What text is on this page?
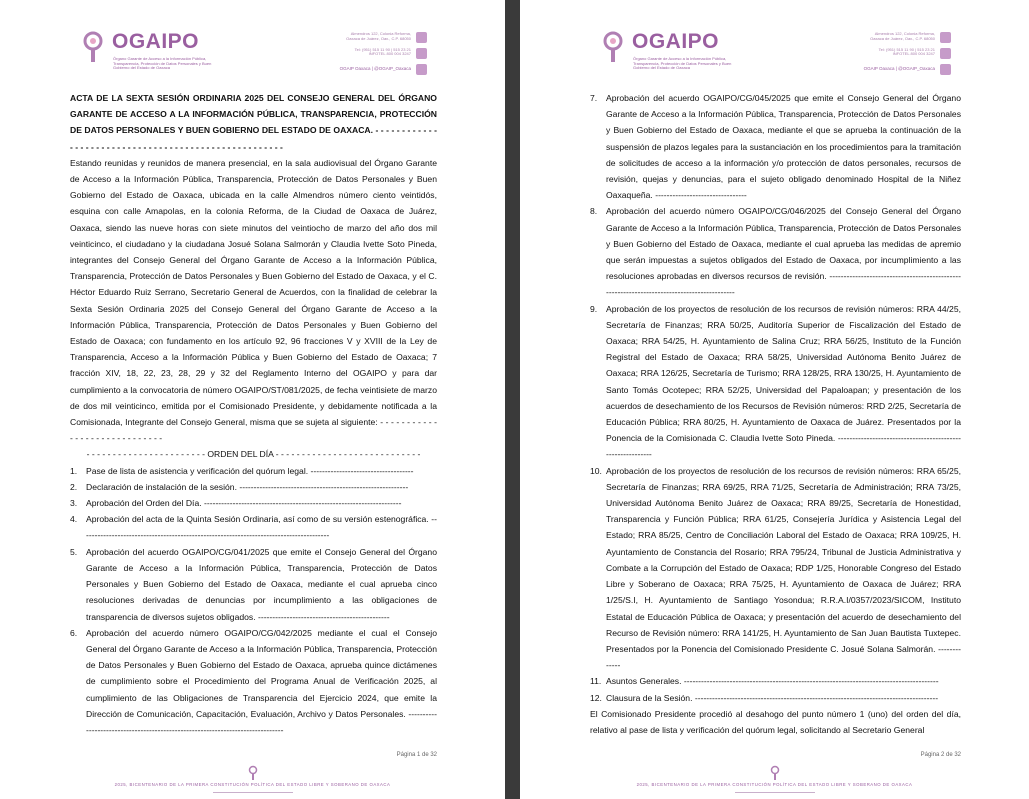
OGAIPO
Órgano Garante de Acceso a la Información Pública, Transparencia, Protección de Datos Personales y Buen Gobierno del Estado de Oaxaca
Almendros 122, Colonia Reforma,
Oaxaca de Juárez, Oax., C.P. 68050
Tel: (951) 515 11 90 | 515 23 21
INFOTEL 800 004 3247
OGAIP Oaxaca | @OGAIP_Oaxaca

ACTA DE LA SEXTA SESIÓN ORDINARIA 2025 DEL CONSEJO GENERAL DEL ÓRGANO GARANTE DE ACCESO A LA INFORMACIÓN PÚBLICA, TRANSPARENCIA, PROTECCIÓN DE DATOS PERSONALES Y BUEN GOBIERNO DEL ESTADO DE OAXACA. - - - - - - - - - - - - - - - - - - - - - - - - - - - - - - - - - - - - - - - - - - - - - - - - - - - - -

Estando reunidas y reunidos de manera presencial, en la sala audiovisual del Órgano Garante de Acceso a la Información Pública, Transparencia, Protección de Datos Personales y Buen Gobierno del Estado de Oaxaca, ubicada en la calle Almendros número ciento veintidós, esquina con calle Amapolas, en la colonia Reforma, de la Ciudad de Oaxaca de Juárez, Oaxaca, siendo las nueve horas con siete minutos del veintiocho de marzo del año dos mil veinticinco, el ciudadano y la ciudadana Josué Solana Salmorán y Claudia Ivette Soto Pineda, integrantes del Consejo General del Órgano Garante de Acceso a la Información Pública, Transparencia, Protección de Datos Personales y Buen Gobierno del Estado de Oaxaca, y el C. Héctor Eduardo Ruiz Serrano, Secretario General de Acuerdos, con la finalidad de celebrar la Sexta Sesión Ordinaria 2025 del Consejo General del Órgano Garante de Acceso a la Información Pública, Transparencia, Protección de Datos Personales y Buen Gobierno del Estado de Oaxaca; con fundamento en los artículo 92, 96 fracciones V y XVIII de la Ley de Transparencia, Acceso a la Información Pública y Buen Gobierno del Estado de Oaxaca; 7 fracción XIV, 18, 22, 23, 28, 29 y 32 del Reglamento Interno del OGAIPO y para dar cumplimiento a la convocatoria de número OGAIPO/ST/081/2025, de fecha veintisiete de marzo de dos mil veinticinco, emitida por el Comisionado Presidente, y debidamente notificada a la Comisionada, Integrante del Consejo General, misma que se sujeta al siguiente: - - - - - - - - - - - - - - - - - - - - - - - - - - - - -

- - - - - - - - - - - - - - - - - - - - - - - ORDEN DEL DÍA - - - - - - - - - - - - - - - - - - - - - - - - - - - -

1. Pase de lista de asistencia y verificación del quórum legal. ------------------------------------
2. Declaración de instalación de la sesión. -----------------------------------------------------------
3. Aprobación del Orden del Día. ---------------------------------------------------------------------
4. Aprobación del acta de la Quinta Sesión Ordinaria, así como de su versión estenográfica. ---------------------------------------------------------------------------------------
5. Aprobación del acuerdo OGAIPO/CG/041/2025 que emite el Consejo General del Órgano Garante de Acceso a la Información Pública, Transparencia, Protección de Datos Personales y Buen Gobierno del Estado de Oaxaca, mediante el cual aprueba cinco resoluciones derivadas de denuncias por incumplimiento a las obligaciones de transparencia de diversos sujetos obligados. ----------------------------------------------
6. Aprobación del acuerdo número OGAIPO/CG/042/2025 mediante el cual el Consejo General del Órgano Garante de Acceso a la Información Pública, Transparencia, Protección de Datos Personales y Buen Gobierno del Estado de Oaxaca, aprueba quince dictámenes de cumplimiento sobre el Procedimiento del Programa Anual de Verificación 2025, al cumplimiento de las Obligaciones de Transparencia del Ejercicio 2024, que emite la Dirección de Comunicación, Capacitación, Evaluación, Archivo y Datos Personales. -------------------------------------------------------------------------------
Página 1 de 32
2025, BICENTENARIO DE LA PRIMERA CONSTITUCIÓN POLÍTICA DEL ESTADO LIBRE Y SOBERANO DE OAXACA
OGAIPO
Órgano Garante de Acceso a la Información Pública, Transparencia, Protección de Datos Personales y Buen Gobierno del Estado de Oaxaca
Almendros 122, Colonia Reforma,
Oaxaca de Juárez, Oax., C.P. 68050
Tel: (951) 515 11 90 | 515 23 21
INFOTEL 800 004 3247
OGAIP Oaxaca | @OGAIP_Oaxaca
7. Aprobación del acuerdo OGAIPO/CG/045/2025 que emite el Consejo General del Órgano Garante de Acceso a la Información Pública, Transparencia, Protección de Datos Personales y Buen Gobierno del Estado de Oaxaca, mediante el que se aprueba la continuación de la suspensión de plazos legales para la sustanciación en los procedimientos para la tramitación de solicitudes de acceso a la información y/o protección de datos personales, recursos de revisión, quejas y denuncias, para el sujeto obligado denominado Hospital de la Niñez Oaxaqueña. --------------------------------
8. Aprobación del acuerdo número OGAIPO/CG/046/2025 del Consejo General del Órgano Garante de Acceso a la Información Pública, Transparencia, Protección de Datos Personales y Buen Gobierno del Estado de Oaxaca, mediante el cual aprueba las medidas de apremio que serán impuestas a sujetos obligados del Estado de Oaxaca, por incumplimiento a las resoluciones aprobadas en diversos recursos de revisión. -------------------------------------------------------------------------------------------
9. Aprobación de los proyectos de resolución de los recursos de revisión números: RRA 44/25, Secretaría de Finanzas; RRA 50/25, Auditoría Superior de Fiscalización del Estado de Oaxaca; RRA 54/25, H. Ayuntamiento de Salina Cruz; RRA 56/25, Instituto de la Función Registral del Estado de Oaxaca; RRA 58/25, Universidad Autónoma Benito Juárez de Oaxaca; RRA 126/25, Secretaría de Turismo; RRA 128/25, RRA 130/25, H. Ayuntamiento de Santo Tomás Ocotepec; RRA 52/25, Universidad del Papaloapan; y presentación de los acuerdos de desechamiento de los Recursos de Revisión números: RRD 2/25, Secretaría de Educación Pública; RRA 80/25, H. Ayuntamiento de Oaxaca de Juárez. Presentados por la Ponencia de la Comisionada C. Claudia Ivette Soto Pineda. -----------------------------------------------------------
10. Aprobación de los proyectos de resolución de los recursos de revisión números: RRA 65/25, Secretaría de Finanzas; RRA 69/25, RRA 71/25, Secretaría de Administración; RRA 73/25, Universidad Autónoma Benito Juárez de Oaxaca; RRA 89/25, Secretaría de Honestidad, Transparencia y Función Pública; RRA 61/25, Consejería Jurídica y Asistencia Legal del Estado; RRA 85/25, Centro de Conciliación Laboral del Estado de Oaxaca; RRA 109/25, H. Ayuntamiento de Constancia del Rosario; RRA 795/24, Tribunal de Justicia Administrativa y Combate a la Corrupción del Estado de Oaxaca; RDP 1/25, Honorable Congreso del Estado Libre y Soberano de Oaxaca; RRA 75/25, H. Ayuntamiento de Oaxaca de Juárez; RRA 1/25/S.I, H. Ayuntamiento de Santiago Yosondua; R.R.A.I/0357/2023/SICOM, Instituto Estatal de Educación Pública de Oaxaca; y presentación del acuerdo de desechamiento del Recurso de Revisión número: RRA 141/25, H. Ayuntamiento de San Juan Bautista Tuxtepec. Presentados por la Ponencia del Comisionado Presidente C. Josué Solana Salmorán. -------------
11. Asuntos Generales. -----------------------------------------------------------------------------------------
12. Clausura de la Sesión. -------------------------------------------------------------------------------------

El Comisionado Presidente procedió al desahogo del punto número 1 (uno) del orden del día, relativo al pase de lista y verificación del quórum legal, solicitando al Secretario General

Página 2 de 32
2025, BICENTENARIO DE LA PRIMERA CONSTITUCIÓN POLÍTICA DEL ESTADO LIBRE Y SOBERANO DE OAXACA
